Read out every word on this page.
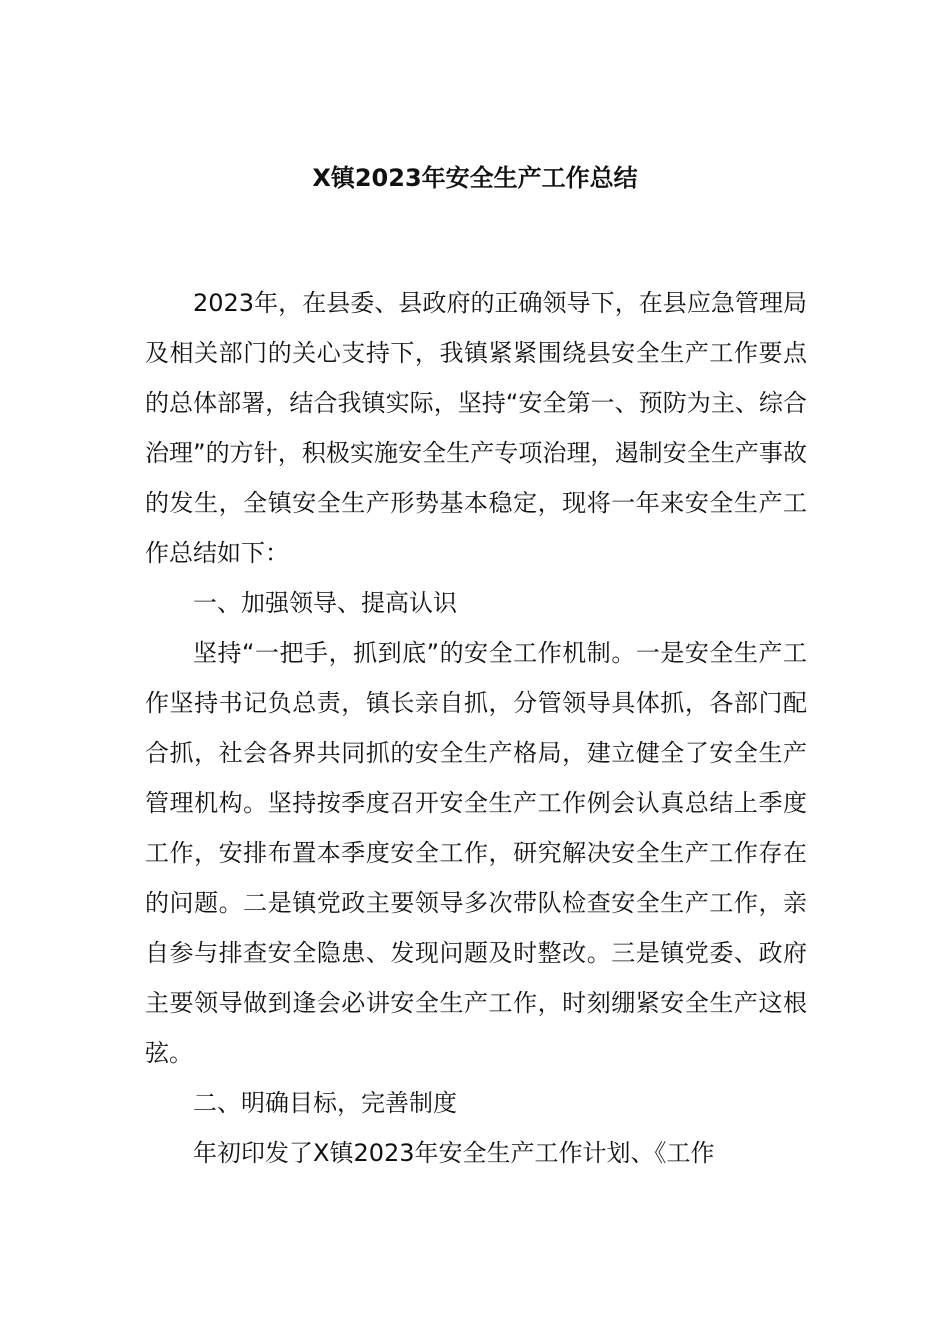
X镇2023年安全生产工作总结

2023年，在县委、县政府的正确领导下，在县应急管理局及相关部门的关心支持下，我镇紧紧围绕县安全生产工作要点的总体部署，结合我镇实际，坚持“安全第一、预防为主、综合治理”的方针，积极实施安全生产专项治理，遏制安全生产事故的发生，全镇安全生产形势基本稳定，现将一年来安全生产工作总结如下：

一、加强领导、提高认识

坚持“一把手，抓到底”的安全工作机制。一是安全生产工作坚持书记负总责，镇长亲自抓，分管领导具体抓，各部门配合抓，社会各界共同抓的安全生产格局，建立健全了安全生产管理机构。坚持按季度召开安全生产工作例会认真总结上季度工作，安排布置本季度安全工作，研究解决安全生产工作存在的问题。二是镇党政主要领导多次带队检查安全生产工作，亲自参与排查安全隐患、发现问题及时整改。三是镇党委、政府主要领导做到逢会必讲安全生产工作，时刻绷紧安全生产这根弦。

二、明确目标，完善制度

年初印发了X镇2023年安全生产工作计划、《工作
